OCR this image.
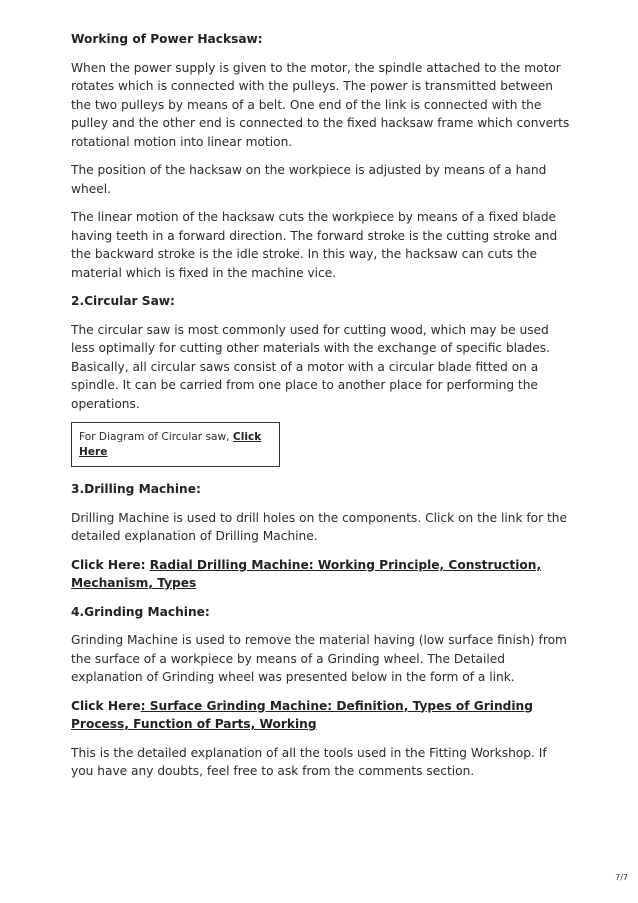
Working of Power Hacksaw:

When the power supply is given to the motor, the spindle attached to the motor rotates which is connected with the pulleys. The power is transmitted between the two pulleys by means of a belt. One end of the link is connected with the pulley and the other end is connected to the fixed hacksaw frame which converts rotational motion into linear motion.

The position of the hacksaw on the workpiece is adjusted by means of a hand wheel.

The linear motion of the hacksaw cuts the workpiece by means of a fixed blade having teeth in a forward direction. The forward stroke is the cutting stroke and the backward stroke is the idle stroke. In this way, the hacksaw can cuts the material which is fixed in the machine vice.

2.Circular Saw:

The circular saw is most commonly used for cutting wood, which may be used less optimally for cutting other materials with the exchange of specific blades.

Basically, all circular saws consist of a motor with a circular blade fitted on a spindle. It can be carried from one place to another place for performing the operations.

For Diagram of Circular saw, Click Here

3.Drilling Machine:

Drilling Machine is used to drill holes on the components. Click on the link for the detailed explanation of Drilling Machine.

Click Here: Radial Drilling Machine: Working Principle, Construction, Mechanism, Types

4.Grinding Machine:

Grinding Machine is used to remove the material having (low surface finish) from the surface of a workpiece by means of a Grinding wheel. The Detailed explanation of Grinding wheel was presented below in the form of a link.

Click Here: Surface Grinding Machine: Definition, Types of Grinding Process, Function of Parts, Working

This is the detailed explanation of all the tools used in the Fitting Workshop. If you have any doubts, feel free to ask from the comments section.

7/7
